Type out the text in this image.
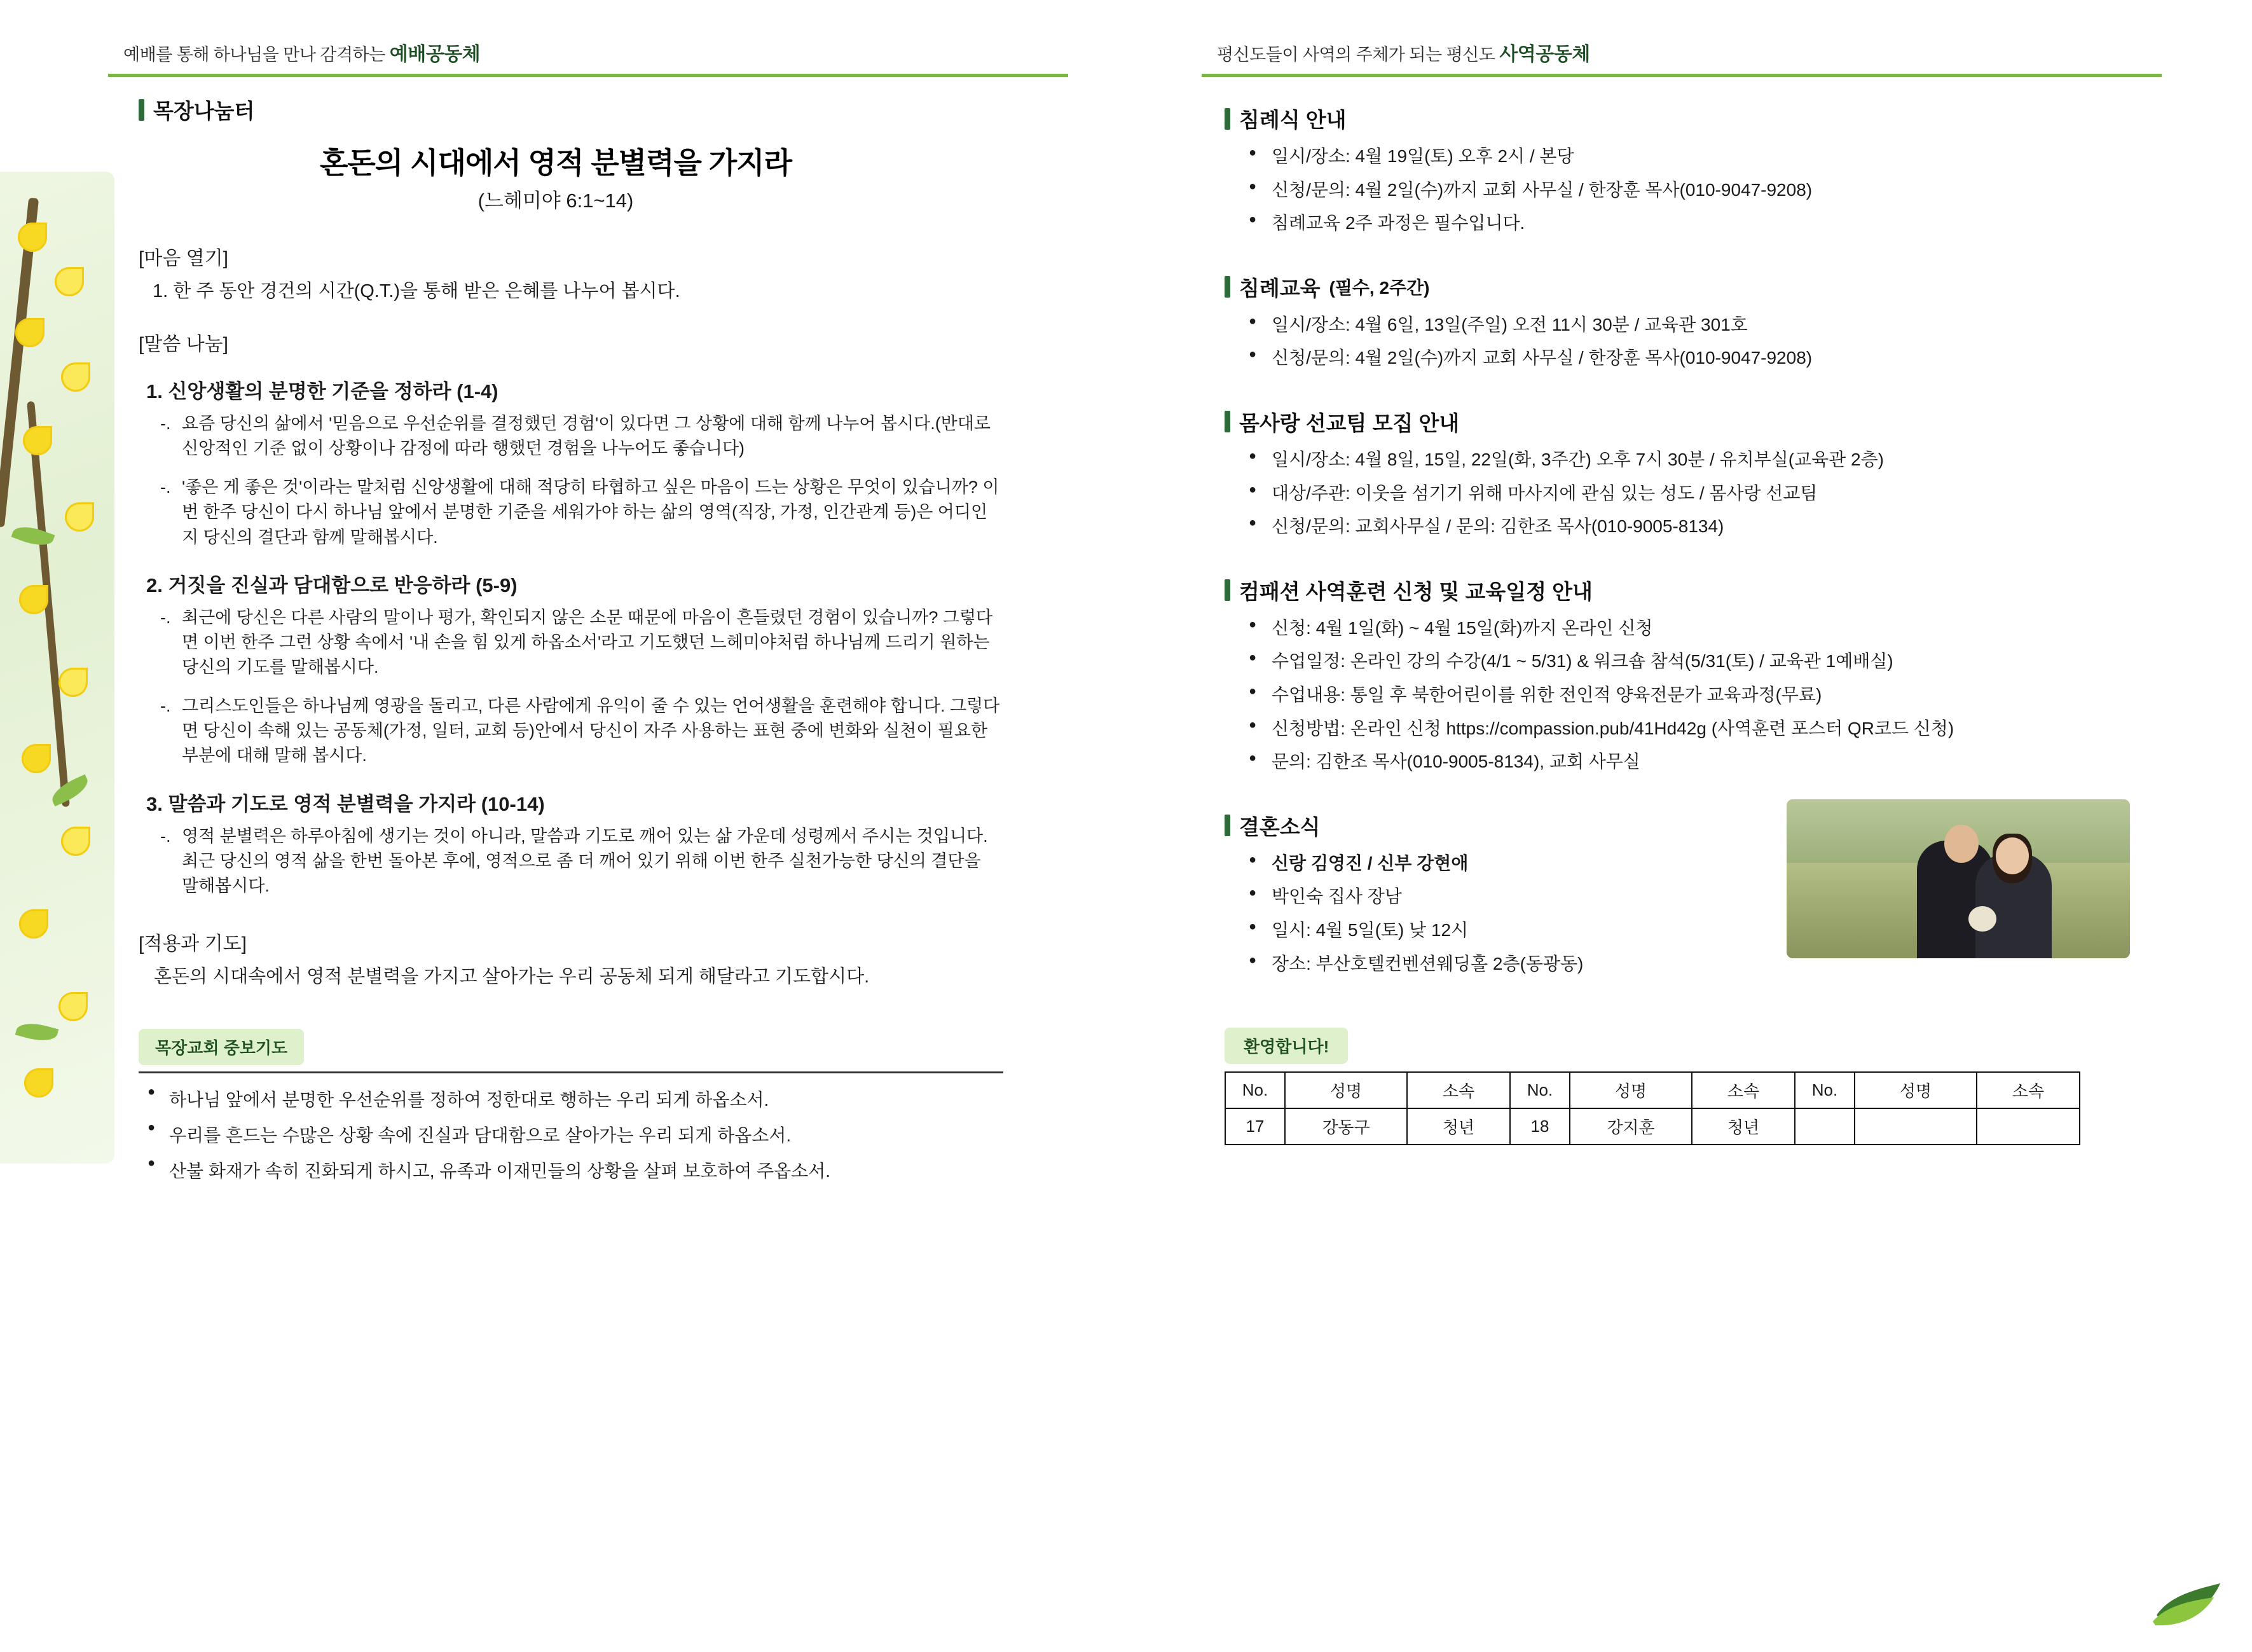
예배를 통해 하나님을 만나 감격하는 예배공동체
목장나눔터
혼돈의 시대에서 영적 분별력을 가지라
(느헤미야 6:1~14)
[마음 열기]
1. 한 주 동안 경건의 시간(Q.T.)을 통해 받은 은혜를 나누어 봅시다.
[말씀 나눔]
1. 신앙생활의 분명한 기준을 정하라 (1-4)
-. 요즘 당신의 삶에서 '믿음으로 우선순위를 결정했던 경험'이 있다면 그 상황에 대해 함께 나누어 봅시다.(반대로 신앙적인 기준 없이 상황이나 감정에 따라 행했던 경험을 나누어도 좋습니다)
-. '좋은 게 좋은 것'이라는 말처럼 신앙생활에 대해 적당히 타협하고 싶은 마음이 드는 상황은 무엇이 있습니까? 이번 한주 당신이 다시 하나님 앞에서 분명한 기준을 세워가야 하는 삶의 영역(직장, 가정, 인간관계 등)은 어디인지 당신의 결단과 함께 말해봅시다.
2. 거짓을 진실과 담대함으로 반응하라 (5-9)
-. 최근에 당신은 다른 사람의 말이나 평가, 확인되지 않은 소문 때문에 마음이 흔들렸던 경험이 있습니까? 그렇다면 이번 한주 그런 상황 속에서 '내 손을 힘 있게 하옵소서'라고 기도했던 느헤미야처럼 하나님께 드리기 원하는 당신의 기도를 말해봅시다.
-. 그리스도인들은 하나님께 영광을 돌리고, 다른 사람에게 유익이 줄 수 있는 언어생활을 훈련해야 합니다. 그렇다면 당신이 속해 있는 공동체(가정, 일터, 교회 등)안에서 당신이 자주 사용하는 표현 중에 변화와 실천이 필요한 부분에 대해 말해 봅시다.
3. 말씀과 기도로 영적 분별력을 가지라 (10-14)
-. 영적 분별력은 하루아침에 생기는 것이 아니라, 말씀과 기도로 깨어 있는 삶 가운데 성령께서 주시는 것입니다. 최근 당신의 영적 삶을 한번 돌아본 후에, 영적으로 좀 더 깨어 있기 위해 이번 한주 실천가능한 당신의 결단을 말해봅시다.
[적용과 기도]
혼돈의 시대속에서 영적 분별력을 가지고 살아가는 우리 공동체 되게 해달라고 기도합시다.
목장교회 중보기도
● 하나님 앞에서 분명한 우선순위를 정하여 정한대로 행하는 우리 되게 하옵소서.
● 우리를 흔드는 수많은 상황 속에 진실과 담대함으로 살아가는 우리 되게 하옵소서.
● 산불 화재가 속히 진화되게 하시고, 유족과 이재민들의 상황을 살펴 보호하여 주옵소서.
평신도들이 사역의 주체가 되는 평신도 사역공동체
침례식 안내
● 일시/장소: 4월 19일(토) 오후 2시 / 본당
● 신청/문의: 4월 2일(수)까지 교회 사무실 / 한장훈 목사(010-9047-9208)
● 침례교육 2주 과정은 필수입니다.
침례교육 (필수, 2주간)
● 일시/장소: 4월 6일, 13일(주일) 오전 11시 30분 / 교육관 301호
● 신청/문의: 4월 2일(수)까지 교회 사무실 / 한장훈 목사(010-9047-9208)
몸사랑 선교팀 모집 안내
● 일시/장소: 4월 8일, 15일, 22일(화, 3주간) 오후 7시 30분 / 유치부실(교육관 2층)
● 대상/주관: 이웃을 섬기기 위해 마사지에 관심 있는 성도 / 몸사랑 선교팀
● 신청/문의: 교회사무실 / 문의: 김한조 목사(010-9005-8134)
컴패션 사역훈련 신청 및 교육일정 안내
● 신청: 4월 1일(화) ~ 4월 15일(화)까지 온라인 신청
● 수업일정: 온라인 강의 수강(4/1 ~ 5/31) & 워크숍 참석(5/31(토) / 교육관 1예배실)
● 수업내용: 통일 후 북한어린이를 위한 전인적 양육전문가 교육과정(무료)
● 신청방법: 온라인 신청 https://compassion.pub/41Hd42g (사역훈련 포스터 QR코드 신청)
● 문의: 김한조 목사(010-9005-8134), 교회 사무실
결혼소식
● 신랑 김영진 / 신부 강현애
● 박인숙 집사 장남
● 일시: 4월 5일(토) 낮 12시
● 장소: 부산호텔컨벤션웨딩홀 2층(동광동)
환영합니다!
No.	성명	소속	No.	성명	소속	No.	성명	소속
17	강동구	청년	18	강지훈	청년			
